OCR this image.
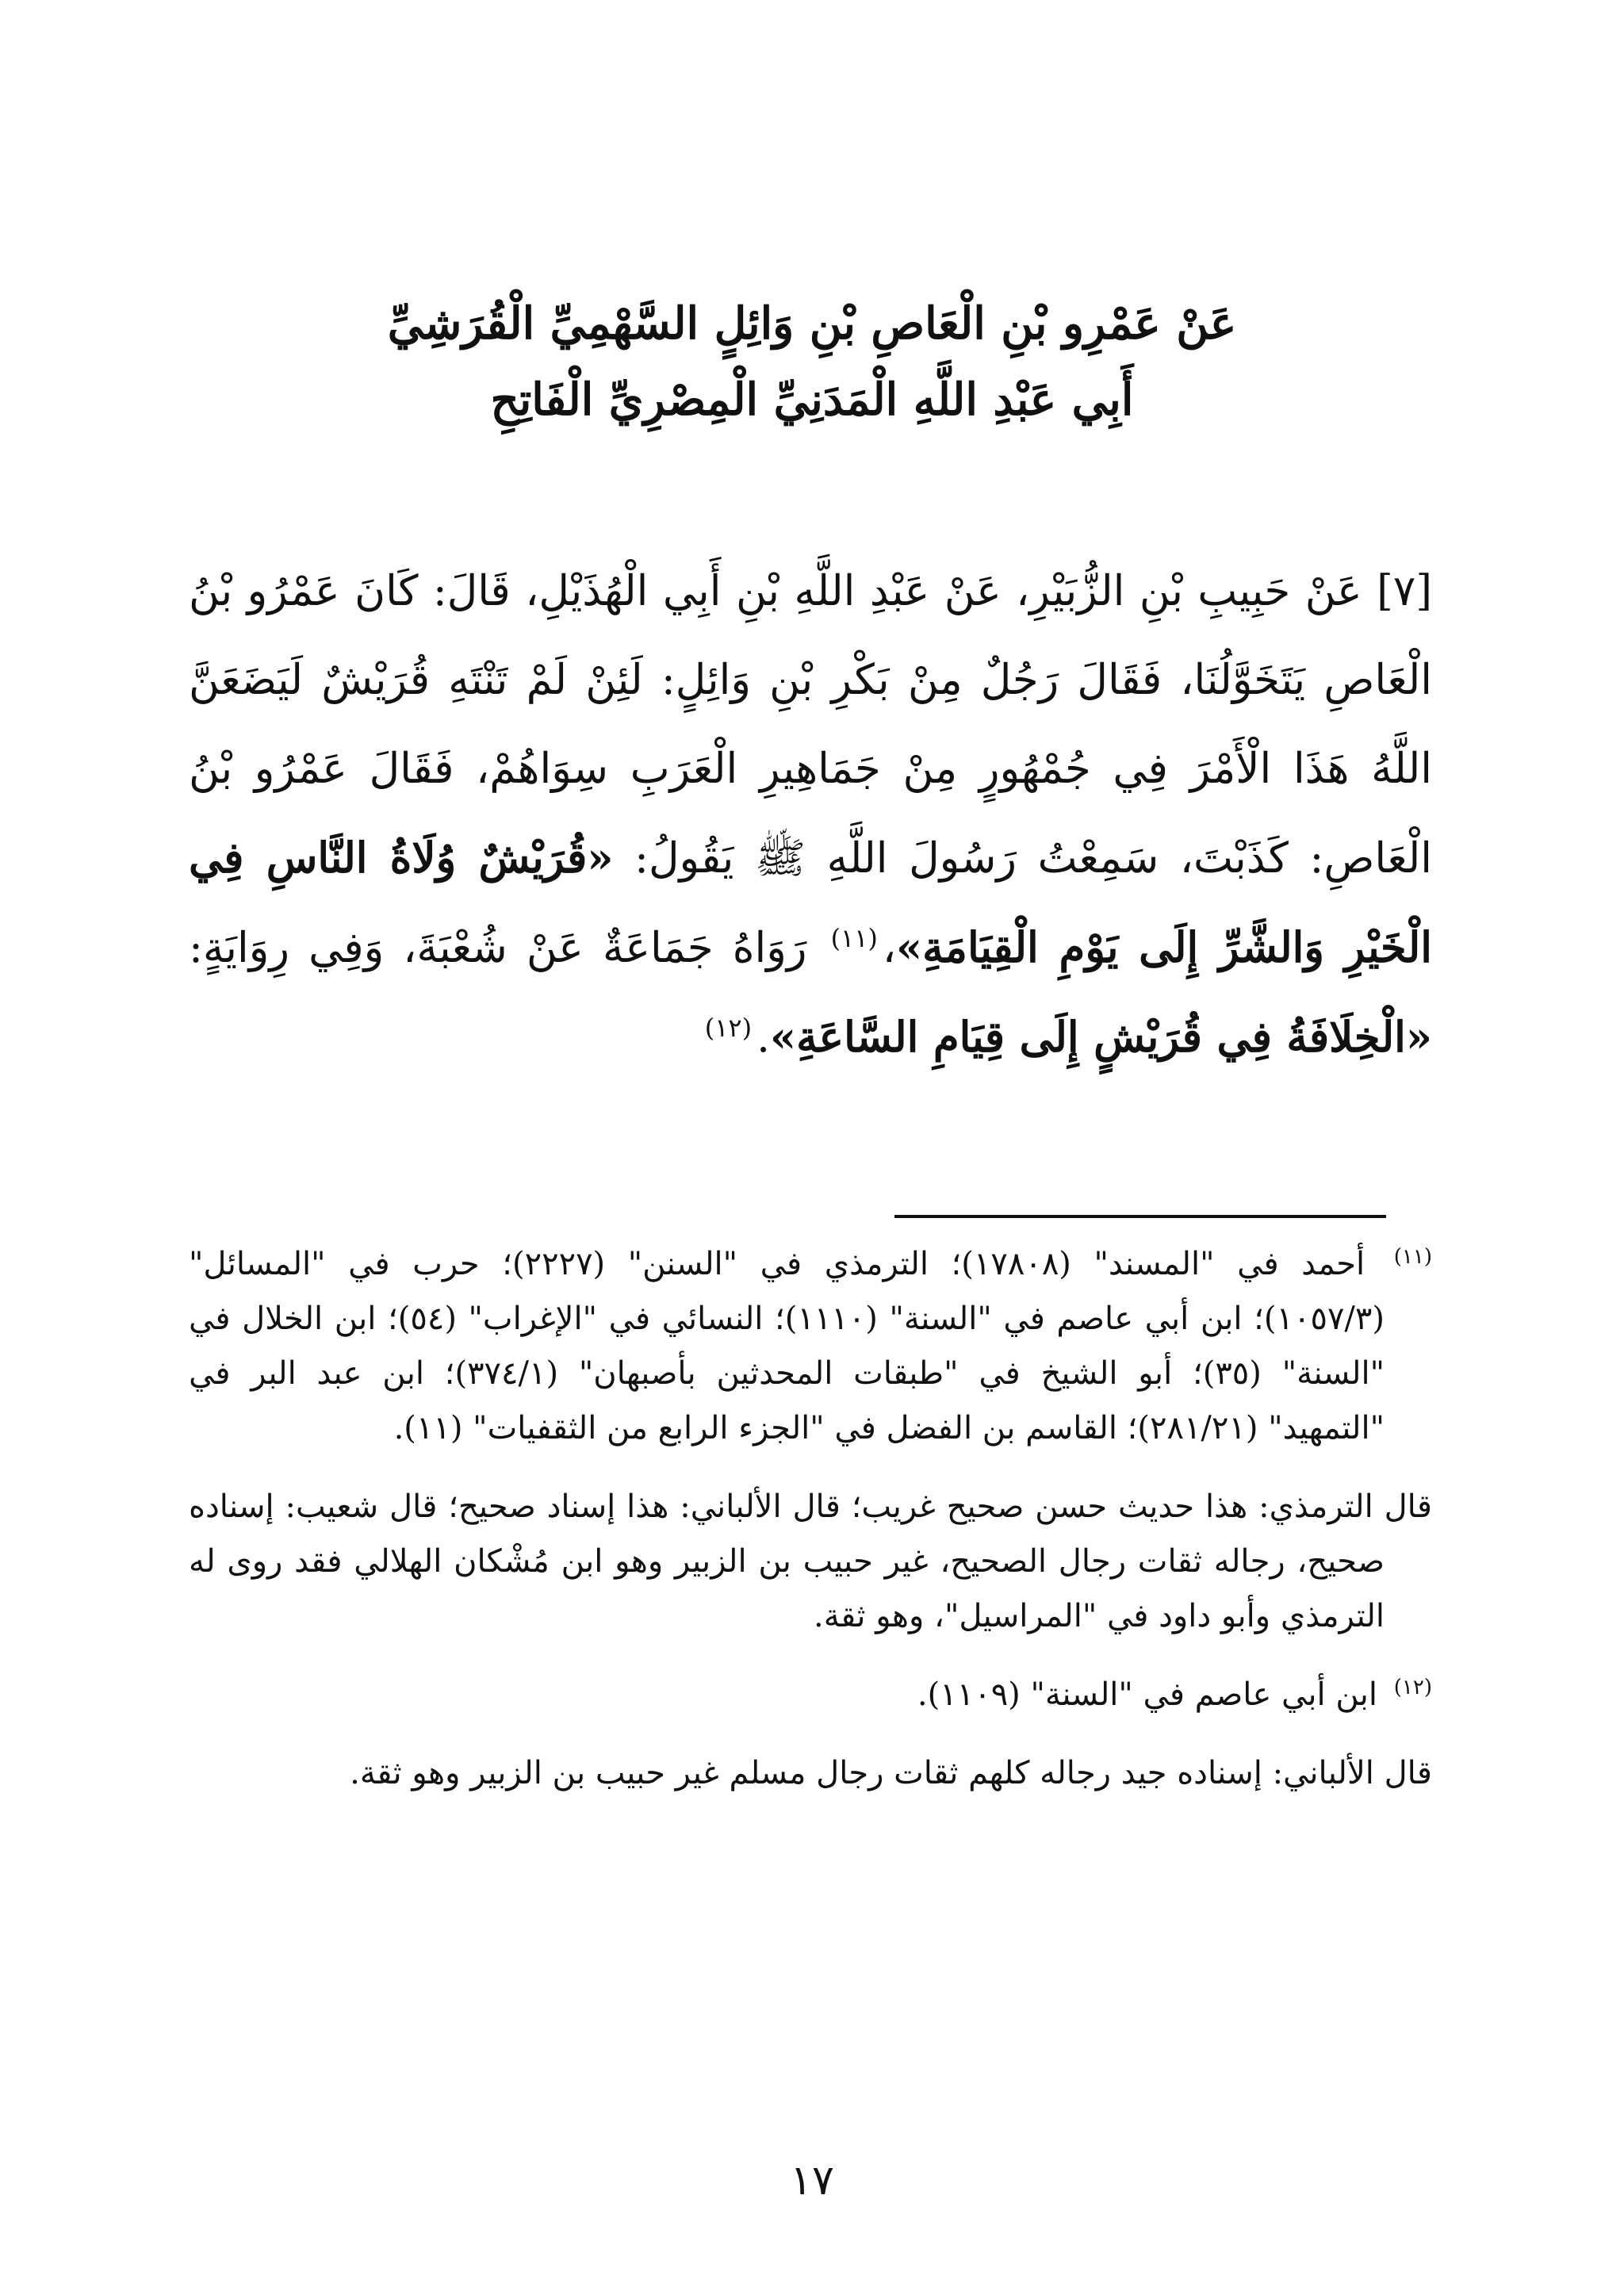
عَنْ عَمْرِو بْنِ الْعَاصِ بْنِ وَائِلٍ السَّهْمِيِّ الْقُرَشِيِّ
أَبِي عَبْدِ اللَّهِ الْمَدَنِيِّ الْمِصْرِيِّ الْفَاتِحِ
[٧] عَنْ حَبِيبِ بْنِ الزُّبَيْرِ، عَنْ عَبْدِ اللَّهِ بْنِ أَبِي الْهُذَيْلِ، قَالَ: كَانَ عَمْرُو بْنُ الْعَاصِ يَتَخَوَّلُنَا، فَقَالَ رَجُلٌ مِنْ بَكْرِ بْنِ وَائِلٍ: لَئِنْ لَمْ تَنْتَهِ قُرَيْشٌ لَيَضَعَنَّ اللَّهُ هَذَا الْأَمْرَ فِي جُمْهُورٍ مِنْ جَمَاهِيرِ الْعَرَبِ سِوَاهُمْ، فَقَالَ عَمْرُو بْنُ الْعَاصِ: كَذَبْتَ، سَمِعْتُ رَسُولَ اللَّهِ ﷺ يَقُولُ: «قُرَيْشٌ وُلَاةُ النَّاسِ فِي الْخَيْرِ وَالشَّرِّ إِلَى يَوْمِ الْقِيَامَةِ»،$^{(١١)}$ رَوَاهُ جَمَاعَةٌ عَنْ شُعْبَةَ، وَفِي رِوَايَةٍ: «الْخِلَافَةُ فِي قُرَيْشٍ إِلَى قِيَامِ السَّاعَةِ».$^{(١٢)}$
$^{(١١)}$ أحمد في "المسند" (١٧٨٠٨)؛ الترمذي في "السنن" (٢٢٢٧)؛ حرب في "المسائل" (١٠٥٧/٣)؛ ابن أبي عاصم في "السنة" (١١١٠)؛ النسائي في "الإغراب" (٥٤)؛ ابن الخلال في "السنة" (٣٥)؛ أبو الشيخ في "طبقات المحدثين بأصبهان" (٣٧٤/١)؛ ابن عبد البر في "التمهيد" (٢٨١/٢١)؛ القاسم بن الفضل في "الجزء الرابع من الثقفيات" (١١).
قال الترمذي: هذا حديث حسن صحيح غريب؛ قال الألباني: هذا إسناد صحيح؛ قال شعيب: إسناده صحيح، رجاله ثقات رجال الصحيح، غير حبيب بن الزبير وهو ابن مُشْكان الهلالي فقد روى له الترمذي وأبو داود في "المراسيل"، وهو ثقة.
$^{(١٢)}$ ابن أبي عاصم في "السنة" (١١٠٩).
قال الألباني: إسناده جيد رجاله كلهم ثقات رجال مسلم غير حبيب بن الزبير وهو ثقة.
١٧
